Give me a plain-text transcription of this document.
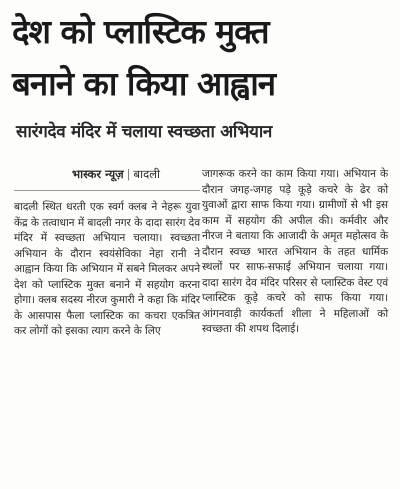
देश को प्लास्टिक मुक्त
बनाने का किया आह्वान
सारंगदेव मंदिर में चलाया स्वच्छता अभियान
भास्कर न्यूज़ | बादली
बादली स्थित धरती एक स्वर्ग क्लब ने नेहरू युवा केंद्र के तत्वाधान में बादली नगर के दादा सारंग देव मंदिर में स्वच्छता अभियान चलाया। स्वच्छता अभियान के दौरान स्वयंसेविका नेहा रानी ने आह्वान किया कि अभियान में सबने मिलकर अपने देश को प्लास्टिक मुक्त बनाने में सहयोग करना होगा। क्लब सदस्य नीरज कुमारी ने कहा कि मंदिर के आसपास फैला प्लास्टिक का कचरा एकत्रित कर लोगों को इसका त्याग करने के लिए
जागरूक करने का काम किया गया। अभियान के दौरान जगह-जगह पड़े कूड़े कचरे के ढेर को युवाओं द्वारा साफ किया गया। ग्रामीणों से भी इस काम में सहयोग की अपील की। कर्मवीर और नीरज ने बताया कि आजादी के अमृत महोत्सव के दौरान स्वच्छ भारत अभियान के तहत धार्मिक स्थलों पर साफ-सफाई अभियान चलाया गया। दादा सारंग देव मंदिर परिसर से प्लास्टिक वेस्ट एवं प्लास्टिक कूड़े कचरे को साफ किया गया। आंगनवाड़ी कार्यकर्ता शीला ने महिलाओं को स्वच्छता की शपथ दिलाई।
